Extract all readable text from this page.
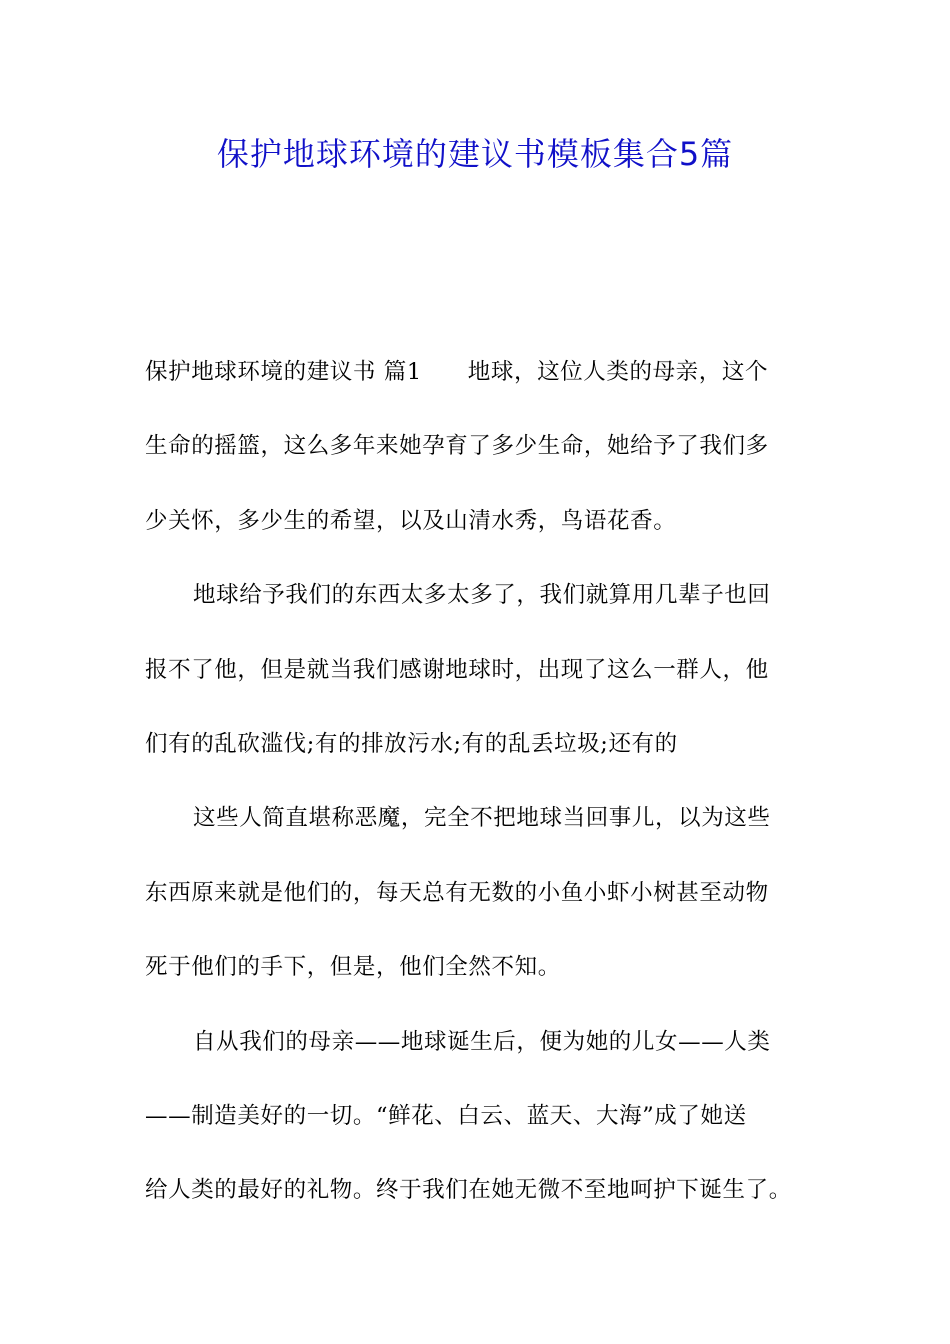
保护地球环境的建议书模板集合5篇
保护地球环境的建议书 篇1 地球，这位人类的母亲，这个
生命的摇篮，这么多年来她孕育了多少生命，她给予了我们多
少关怀，多少生的希望，以及山清水秀，鸟语花香。
地球给予我们的东西太多太多了，我们就算用几辈子也回
报不了他，但是就当我们感谢地球时，出现了这么一群人，他
们有的乱砍滥伐;有的排放污水;有的乱丢垃圾;还有的
这些人简直堪称恶魔，完全不把地球当回事儿，以为这些
东西原来就是他们的，每天总有无数的小鱼小虾小树甚至动物
死于他们的手下，但是，他们全然不知。
自从我们的母亲——地球诞生后，便为她的儿女——人类
——制造美好的一切。“鲜花、白云、蓝天、大海”成了她送
给人类的最好的礼物。终于我们在她无微不至地呵护下诞生了。
